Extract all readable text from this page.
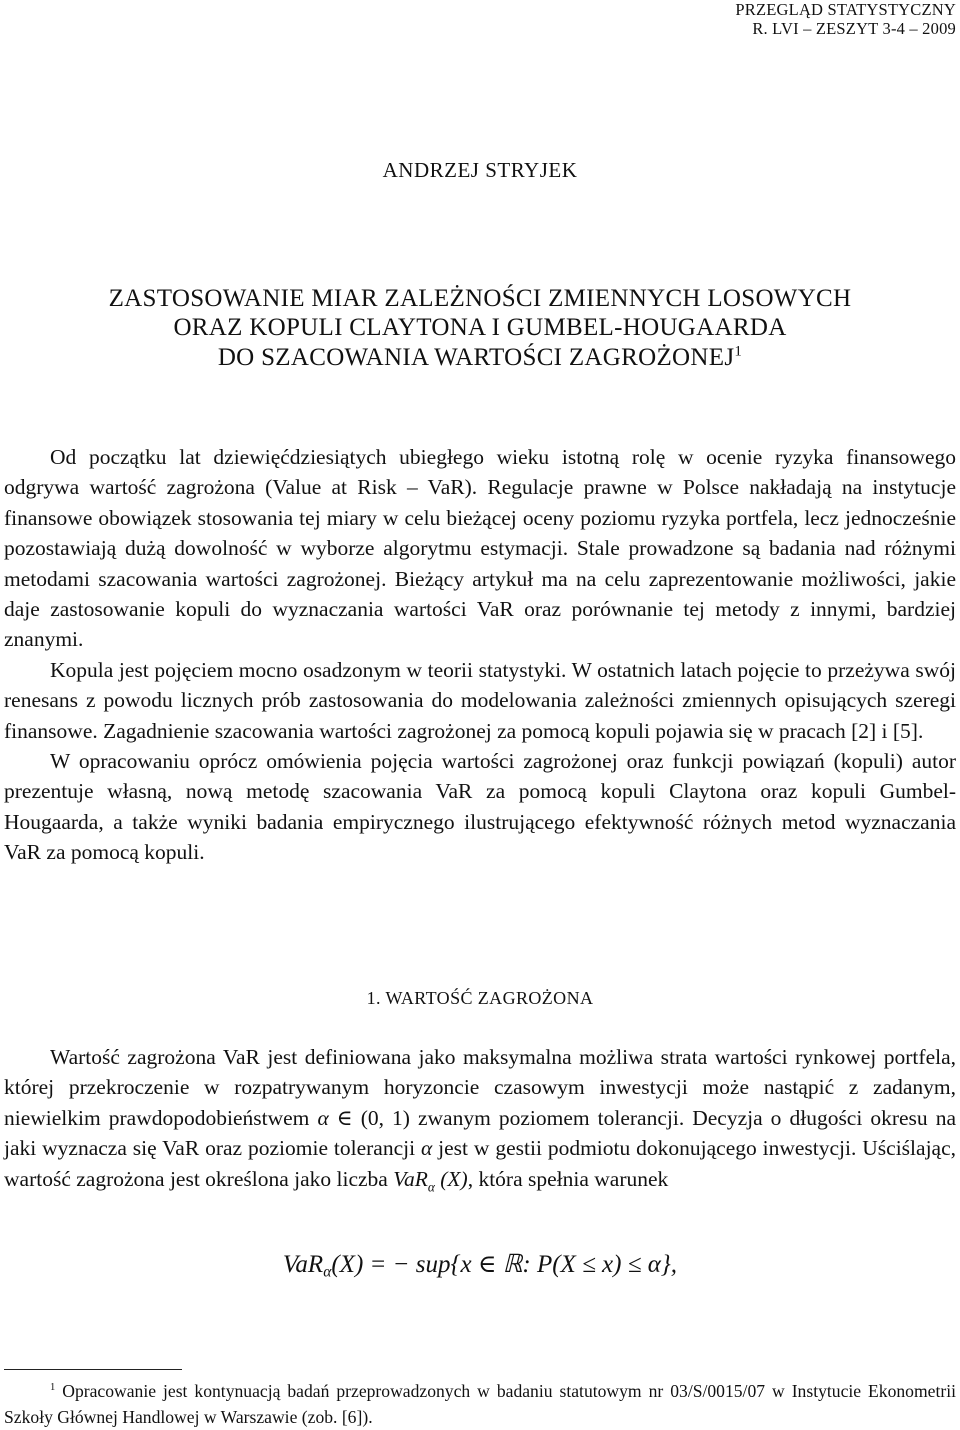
PRZEGLĄD STATYSTYCZNY
R. LVI – ZESZYT 3-4 – 2009
ANDRZEJ STRYJEK
ZASTOSOWANIE MIAR ZALEŻNOŚCI ZMIENNYCH LOSOWYCH
ORAZ KOPULI CLAYTONA I GUMBEL-HOUGAARDA
DO SZACOWANIA WARTOŚCI ZAGROŻONEJ$^1$

Od początku lat dziewięćdziesiątych ubiegłego wieku istotną rolę w ocenie ryzyka finansowego odgrywa wartość zagrożona (Value at Risk – VaR). Regulacje prawne w Polsce nakładają na instytucje finansowe obowiązek stosowania tej miary w celu bieżącej oceny poziomu ryzyka portfela, lecz jednocześnie pozostawiają dużą dowolność w wyborze algorytmu estymacji. Stale prowadzone są badania nad różnymi metodami szacowania wartości zagrożonej. Bieżący artykuł ma na celu zaprezentowanie możliwości, jakie daje zastosowanie kopuli do wyznaczania wartości VaR oraz porównanie tej metody z innymi, bardziej znanymi.

Kopula jest pojęciem mocno osadzonym w teorii statystyki. W ostatnich latach pojęcie to przeżywa swój renesans z powodu licznych prób zastosowania do modelowania zależności zmiennych opisujących szeregi finansowe. Zagadnienie szacowania wartości zagrożonej za pomocą kopuli pojawia się w pracach [2] i [5].

W opracowaniu oprócz omówienia pojęcia wartości zagrożonej oraz funkcji powiązań (kopuli) autor prezentuje własną, nową metodę szacowania VaR za pomocą kopuli Claytona oraz kopuli Gumbel-Hougaarda, a także wyniki badania empirycznego ilustrującego efektywność różnych metod wyznaczania VaR za pomocą kopuli.

1. WARTOŚĆ ZAGROŻONA

Wartość zagrożona VaR jest definiowana jako maksymalna możliwa strata wartości rynkowej portfela, której przekroczenie w rozpatrywanym horyzoncie czasowym inwestycji może nastąpić z zadanym, niewielkim prawdopodobieństwem α ∈ (0, 1) zwanym poziomem tolerancji. Decyzja o długości okresu na jaki wyznacza się VaR oraz poziomie tolerancji α jest w gestii podmiotu dokonującego inwestycji. Uściślając, wartość zagrożona jest określona jako liczba VaR$_\alpha$ (X), która spełnia warunek

VaR$_\alpha$(X) = − sup{x ∈ ℝ: P(X ≤ x) ≤ α},

$^1$ Opracowanie jest kontynuacją badań przeprowadzonych w badaniu statutowym nr 03/S/0015/07 w Instytucie Ekonometrii Szkoły Głównej Handlowej w Warszawie (zob. [6]).
